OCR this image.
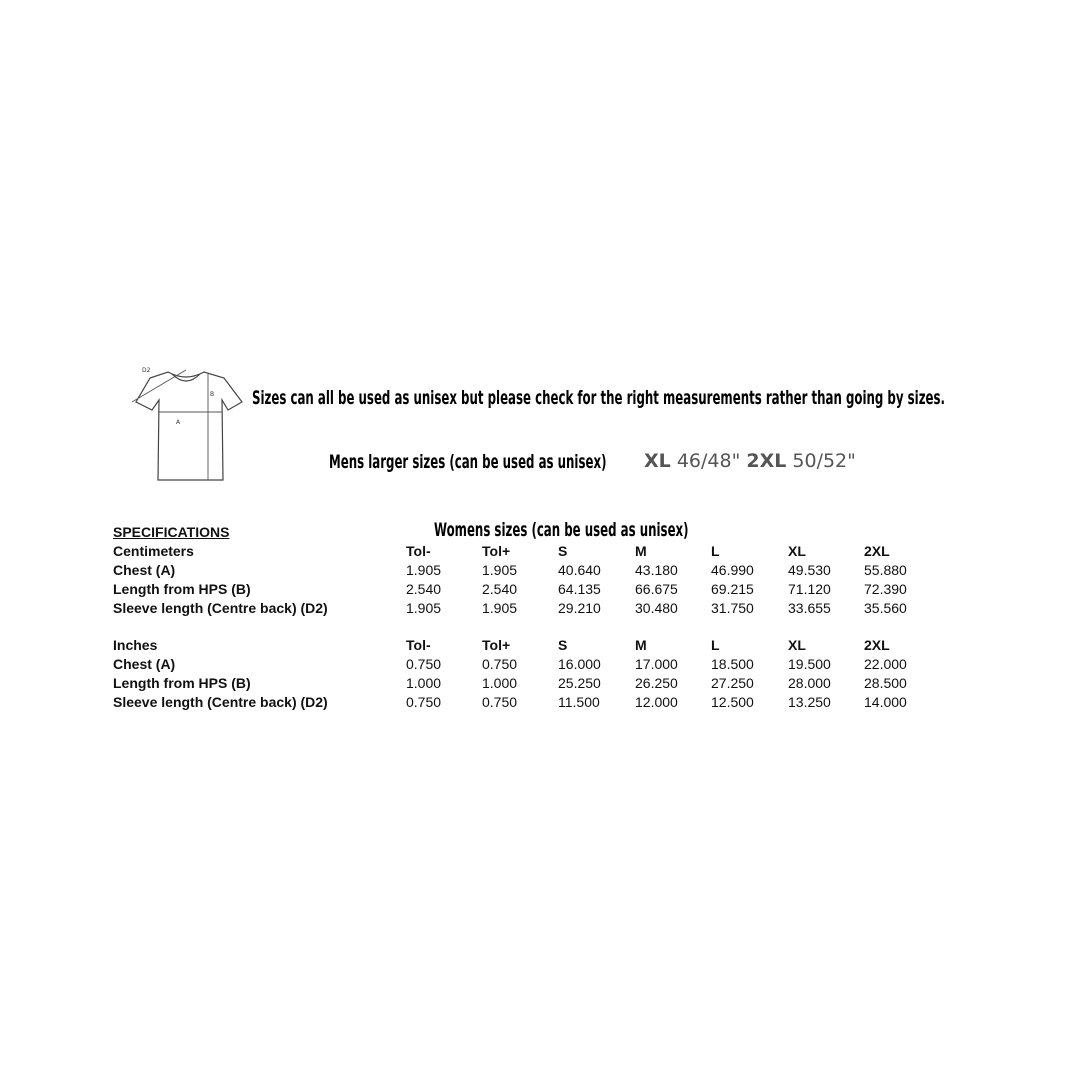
D2
B
A
Sizes can all be used as unisex but please check for the right measurements rather than going by sizes.
Mens larger sizes (can be used as unisex) XL 46/48" 2XL 50/52"
Womens sizes (can be used as unisex)
SPECIFICATIONS
Centimeters	Tol-	Tol+	S	M	L	XL	2XL
Chest (A)	1.905	1.905	40.640 43.180 46.990 49.530 55.880
Length from HPS (B)	2.540	2.540	64.135 66.675 69.215 71.120 72.390
Sleeve length (Centre back) (D2)	1.905	1.905	29.210 30.480 31.750 33.655 35.560
Inches	Tol-	Tol+	S	M	L	XL	2XL
Chest (A)	0.750	0.750	16.000 17.000 18.500 19.500 22.000
Length from HPS (B)	1.000	1.000	25.250 26.250 27.250 28.000 28.500
Sleeve length (Centre back) (D2)	0.750	0.750	11.500	12.000 12.500 13.250 14.000
